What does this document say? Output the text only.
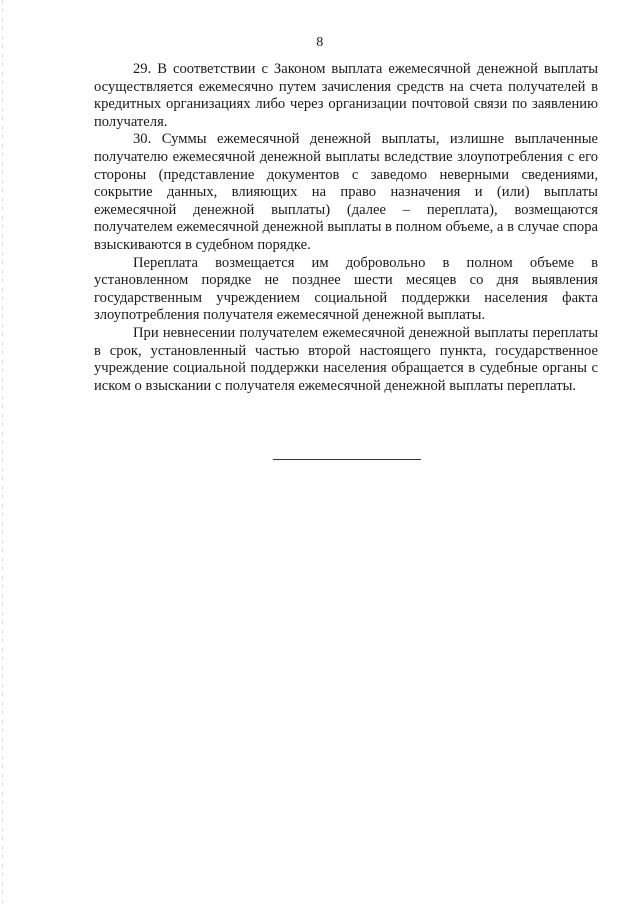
8

29. В соответствии с Законом выплата ежемесячной денежной выплаты осуществляется ежемесячно путем зачисления средств на счета получателей в кредитных организациях либо через организации почтовой связи по заявлению получателя.

30. Суммы ежемесячной денежной выплаты, излишне выплаченные получателю ежемесячной денежной выплаты вследствие злоупотребления с его стороны (представление документов с заведомо неверными сведениями, сокрытие данных, влияющих на право назначения и (или) выплаты ежемесячной денежной выплаты) (далее – переплата), возмещаются получателем ежемесячной денежной выплаты в полном объеме, а в случае спора взыскиваются в судебном порядке.

Переплата возмещается им добровольно в полном объеме в установленном порядке не позднее шести месяцев со дня выявления государственным учреждением социальной поддержки населения факта злоупотребления получателя ежемесячной денежной выплаты.

При невнесении получателем ежемесячной денежной выплаты переплаты в срок, установленный частью второй настоящего пункта, государственное учреждение социальной поддержки населения обращается в судебные органы с иском о взыскании с получателя ежемесячной денежной выплаты переплаты.
